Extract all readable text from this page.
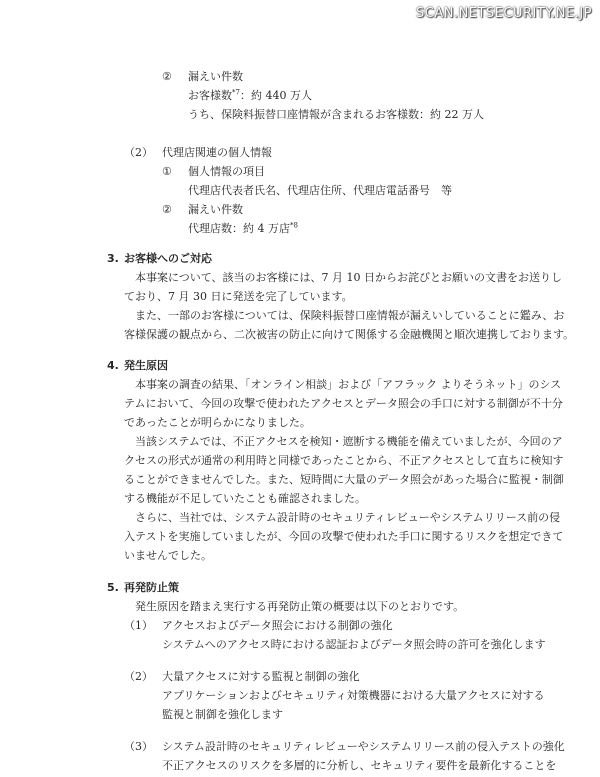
SCAN.NETSECURITY.NE.JP
② 漏えい件数
お客様数$^{*7}$：約 440 万人
うち、保険料振替口座情報が含まれるお客様数：約 22 万人
（2） 代理店関連の個人情報
① 個人情報の項目
代理店代表者氏名、代理店住所、代理店電話番号　等
② 漏えい件数
代理店数：約 4 万店$^{*8}$
3. お客様へのご対応
本事案について、該当のお客様には、7 月 10 日からお詫びとお願いの文書をお送りし
ており、7 月 30 日に発送を完了しています。
また、一部のお客様については、保険料振替口座情報が漏えいしていることに鑑み、お
客様保護の観点から、二次被害の防止に向けて関係する金融機関と順次連携しております。
4. 発生原因
本事案の調査の結果、「オンライン相談」および「アフラック よりそうネット」のシス
テムにおいて、今回の攻撃で使われたアクセスとデータ照会の手口に対する制御が不十分
であったことが明らかになりました。
当該システムでは、不正アクセスを検知・遮断する機能を備えていましたが、今回のア
クセスの形式が通常の利用時と同様であったことから、不正アクセスとして直ちに検知す
ることができませんでした。また、短時間に大量のデータ照会があった場合に監視・制御
する機能が不足していたことも確認されました。
さらに、当社では、システム設計時のセキュリティレビューやシステムリリース前の侵
入テストを実施していましたが、今回の攻撃で使われた手口に関するリスクを想定できて
いませんでした。
5. 再発防止策
発生原因を踏まえ実行する再発防止策の概要は以下のとおりです。
（1） アクセスおよびデータ照会における制御の強化
システムへのアクセス時における認証およびデータ照会時の許可を強化します
（2） 大量アクセスに対する監視と制御の強化
アプリケーションおよびセキュリティ対策機器における大量アクセスに対する
監視と制御を強化します
（3） システム設計時のセキュリティレビューやシステムリリース前の侵入テストの強化
不正アクセスのリスクを多層的に分析し、セキュリティ要件を最新化することを
